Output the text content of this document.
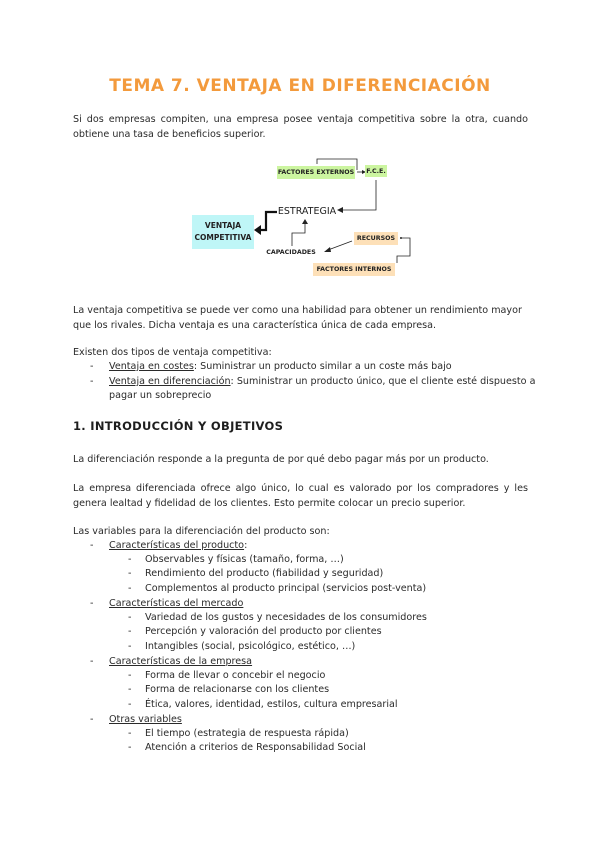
TEMA 7. VENTAJA EN DIFERENCIACIÓN
Si dos empresas compiten, una empresa posee ventaja competitiva sobre la otra, cuando
obtiene una tasa de beneficios superior.
FACTORES EXTERNOS F.C.E.
ESTRATEGIA
VENTAJA
COMPETITIVA
CAPACIDADES
RECURSOS
FACTORES INTERNOS
La ventaja competitiva se puede ver como una habilidad para obtener un rendimiento mayor
que los rivales. Dicha ventaja es una característica única de cada empresa.
Existen dos tipos de ventaja competitiva:
-	Ventaja en costes: Suministrar un producto similar a un coste más bajo
-	Ventaja en diferenciación: Suministrar un producto único, que el cliente esté dispuesto a
pagar un sobreprecio
1. INTRODUCCIÓN Y OBJETIVOS
La diferenciación responde a la pregunta de por qué debo pagar más por un producto.
La empresa diferenciada ofrece algo único, lo cual es valorado por los compradores y les
genera lealtad y fidelidad de los clientes. Esto permite colocar un precio superior.
Las variables para la diferenciación del producto son:
-	Características del producto:
- Observables y físicas (tamaño, forma, …)
- Rendimiento del producto (fiabilidad y seguridad)
- Complementos al producto principal (servicios post-venta)
-	Características del mercado
- Variedad de los gustos y necesidades de los consumidores
- Percepción y valoración del producto por clientes
- Intangibles (social, psicológico, estético, …)
-	Características de la empresa
- Forma de llevar o concebir el negocio
- Forma de relacionarse con los clientes
- Ética, valores, identidad, estilos, cultura empresarial
-	Otras variables
- El tiempo (estrategia de respuesta rápida)
- Atención a criterios de Responsabilidad Social
